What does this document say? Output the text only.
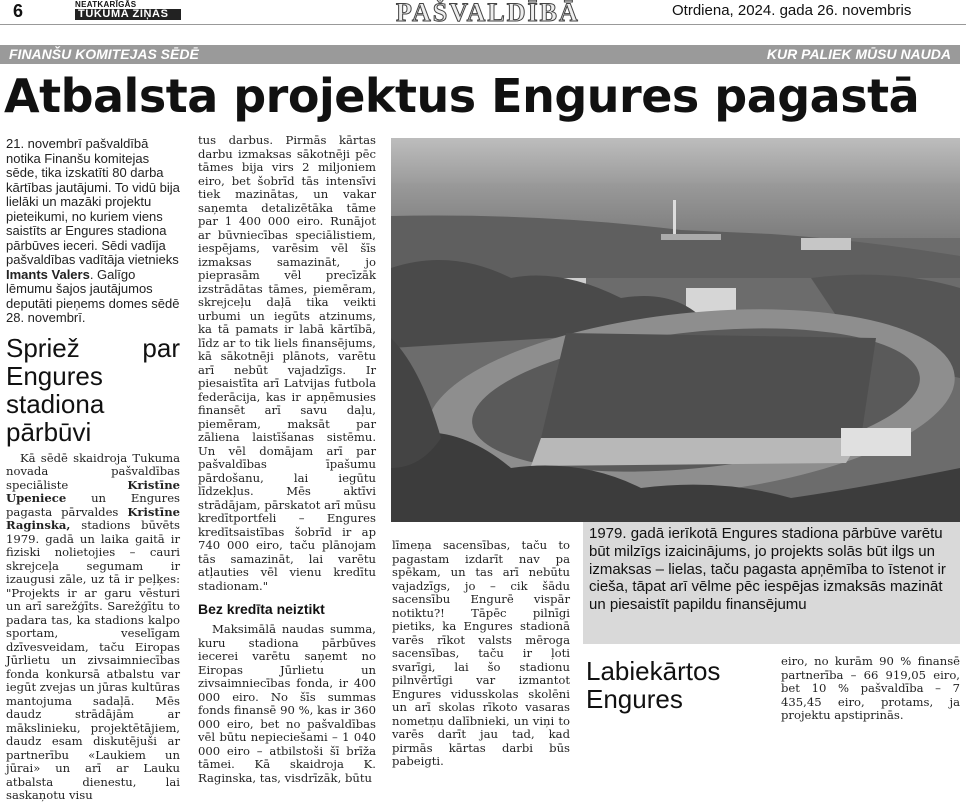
6	NEATKARĪGĀS
TUKUMA ZIŅAS	PAŠVALDĪBĀ	Otrdiena, 2024. gada 26. novembris
FINANŠU KOMITEJAS SĒDĒ	KUR PALIEK MŪSU NAUDA
Atbalsta projektus Engures pagastā

21. novembrī pašvaldībā notika Finanšu komitejas sēde, tika izskatīti 80 darba kārtības jautājumi. To vidū bija lielāki un mazāki projektu pieteikumi, no kuriem viens saistīts ar Engures stadiona pārbūves ieceri. Sēdi vadīja pašvaldības vadītāja vietnieks Imants Valers. Galīgo lēmumu šajos jautājumos deputāti pieņems domes sēdē 28. novembrī.

Spriež par Engures stadiona pārbūvi

Kā sēdē skaidroja Tukuma novada pašvaldības speciāliste	Kristīne Upeniece un Engures pagasta pārvaldes Kristīne Raginska, stadions būvēts 1979. gadā un laika gaitā ir fiziski nolietojies – cauri skrejceļa segumam ir izaugusi zāle, uz tā ir peļķes: "Projekts ir ar garu vēsturi un arī sarežģīts. Sarežģītu to padara tas, ka stadions kalpo sportam, veselīgam dzīvesveidam, taču Eiropas Jūrlietu un zivsaimniecības fonda konkursā atbalstu var iegūt zvejas un jūras kultūras mantojuma sadaļā. Mēs daudz strādājām ar mākslinieku, projektētājiem, daudz esam diskutējuši ar partnerību «Laukiem un jūrai» un arī ar Lauku atbalsta dienestu, lai saskaņotu visu

tus darbus. Pirmās kārtas darbu izmaksas sākotnēji pēc tāmes bija virs 2 miljoniem eiro, bet šobrīd tās intensīvi tiek mazinātas, un vakar saņemta detalizētāka tāme par 1 400 000 eiro. Runājot ar būvniecības speciālistiem, iespējams, varēsim vēl šīs izmaksas samazināt, jo pieprasām vēl precīzāk izstrādātas tāmes, piemēram, skrejceļu daļā tika veikti urbumi un iegūts atzinums, ka tā pamats ir labā kārtībā, līdz ar to tik liels finansējums, kā sākotnēji plānots, varētu arī nebūt vajadzīgs. Ir piesaistīta arī Latvijas futbola federācija, kas ir apņēmusies finansēt arī savu daļu, piemēram, maksāt par zāliena laistīšanas sistēmu. Un vēl domājam arī par pašvaldības īpašumu pārdošanu, lai iegūtu līdzekļus. Mēs aktīvi strādājam, pārskatot arī mūsu kredītportfeli – Engures kredītsaistības šobrīd ir ap 740 000 eiro, taču plānojam tās samazināt, lai varētu atļauties vēl vienu kredītu stadionam."

Bez kredīta neiztikt

Maksimālā naudas summa, kuru stadiona pārbūves iecerei varētu saņemt no Eiropas Jūrlietu un zivsaimniecības fonda, ir 400 000 eiro. No šīs summas fonds finansē 90 %, kas ir 360 000 eiro, bet no pašvaldības vēl būtu nepieciešami – 1 040 000 eiro – atbilstoši šī brīža tāmei. Kā skaidroja K. Raginska, tas, visdrīzāk, būtu

1979. gadā ierīkotā Engures stadiona pārbūve varētu būt milzīgs izaicinājums, jo projekts solās būt ilgs un izmaksas – lielas, taču pagasta apņēmība to īstenot ir cieša, tāpat arī vēlme pēc iespējas izmaksās mazināt un piesaistīt papildu finansējumu

līmeņa sacensības, taču to pagastam izdarīt nav pa spēkam, un tas arī nebūtu vajadzīgs, jo – cik šādu sacensību Engurē vispār notiktu?! Tāpēc pilnīgi pietiks, ka Engures stadionā varēs rīkot valsts mēroga sacensības, taču ir ļoti svarīgi, lai šo stadionu pilnvērtīgi var izmantot Engures vidusskolas skolēni un arī skolas rīkoto vasaras nometņu dalībnieki, un viņi to varēs darīt jau tad, kad pirmās kārtas darbi būs pabeigti.

Labiekārtos Engures

eiro, no kurām 90 % finansē partnerība – 66 919,05 eiro, bet 10 % pašvaldība – 7 435,45 eiro, protams, ja projektu apstiprinās.
